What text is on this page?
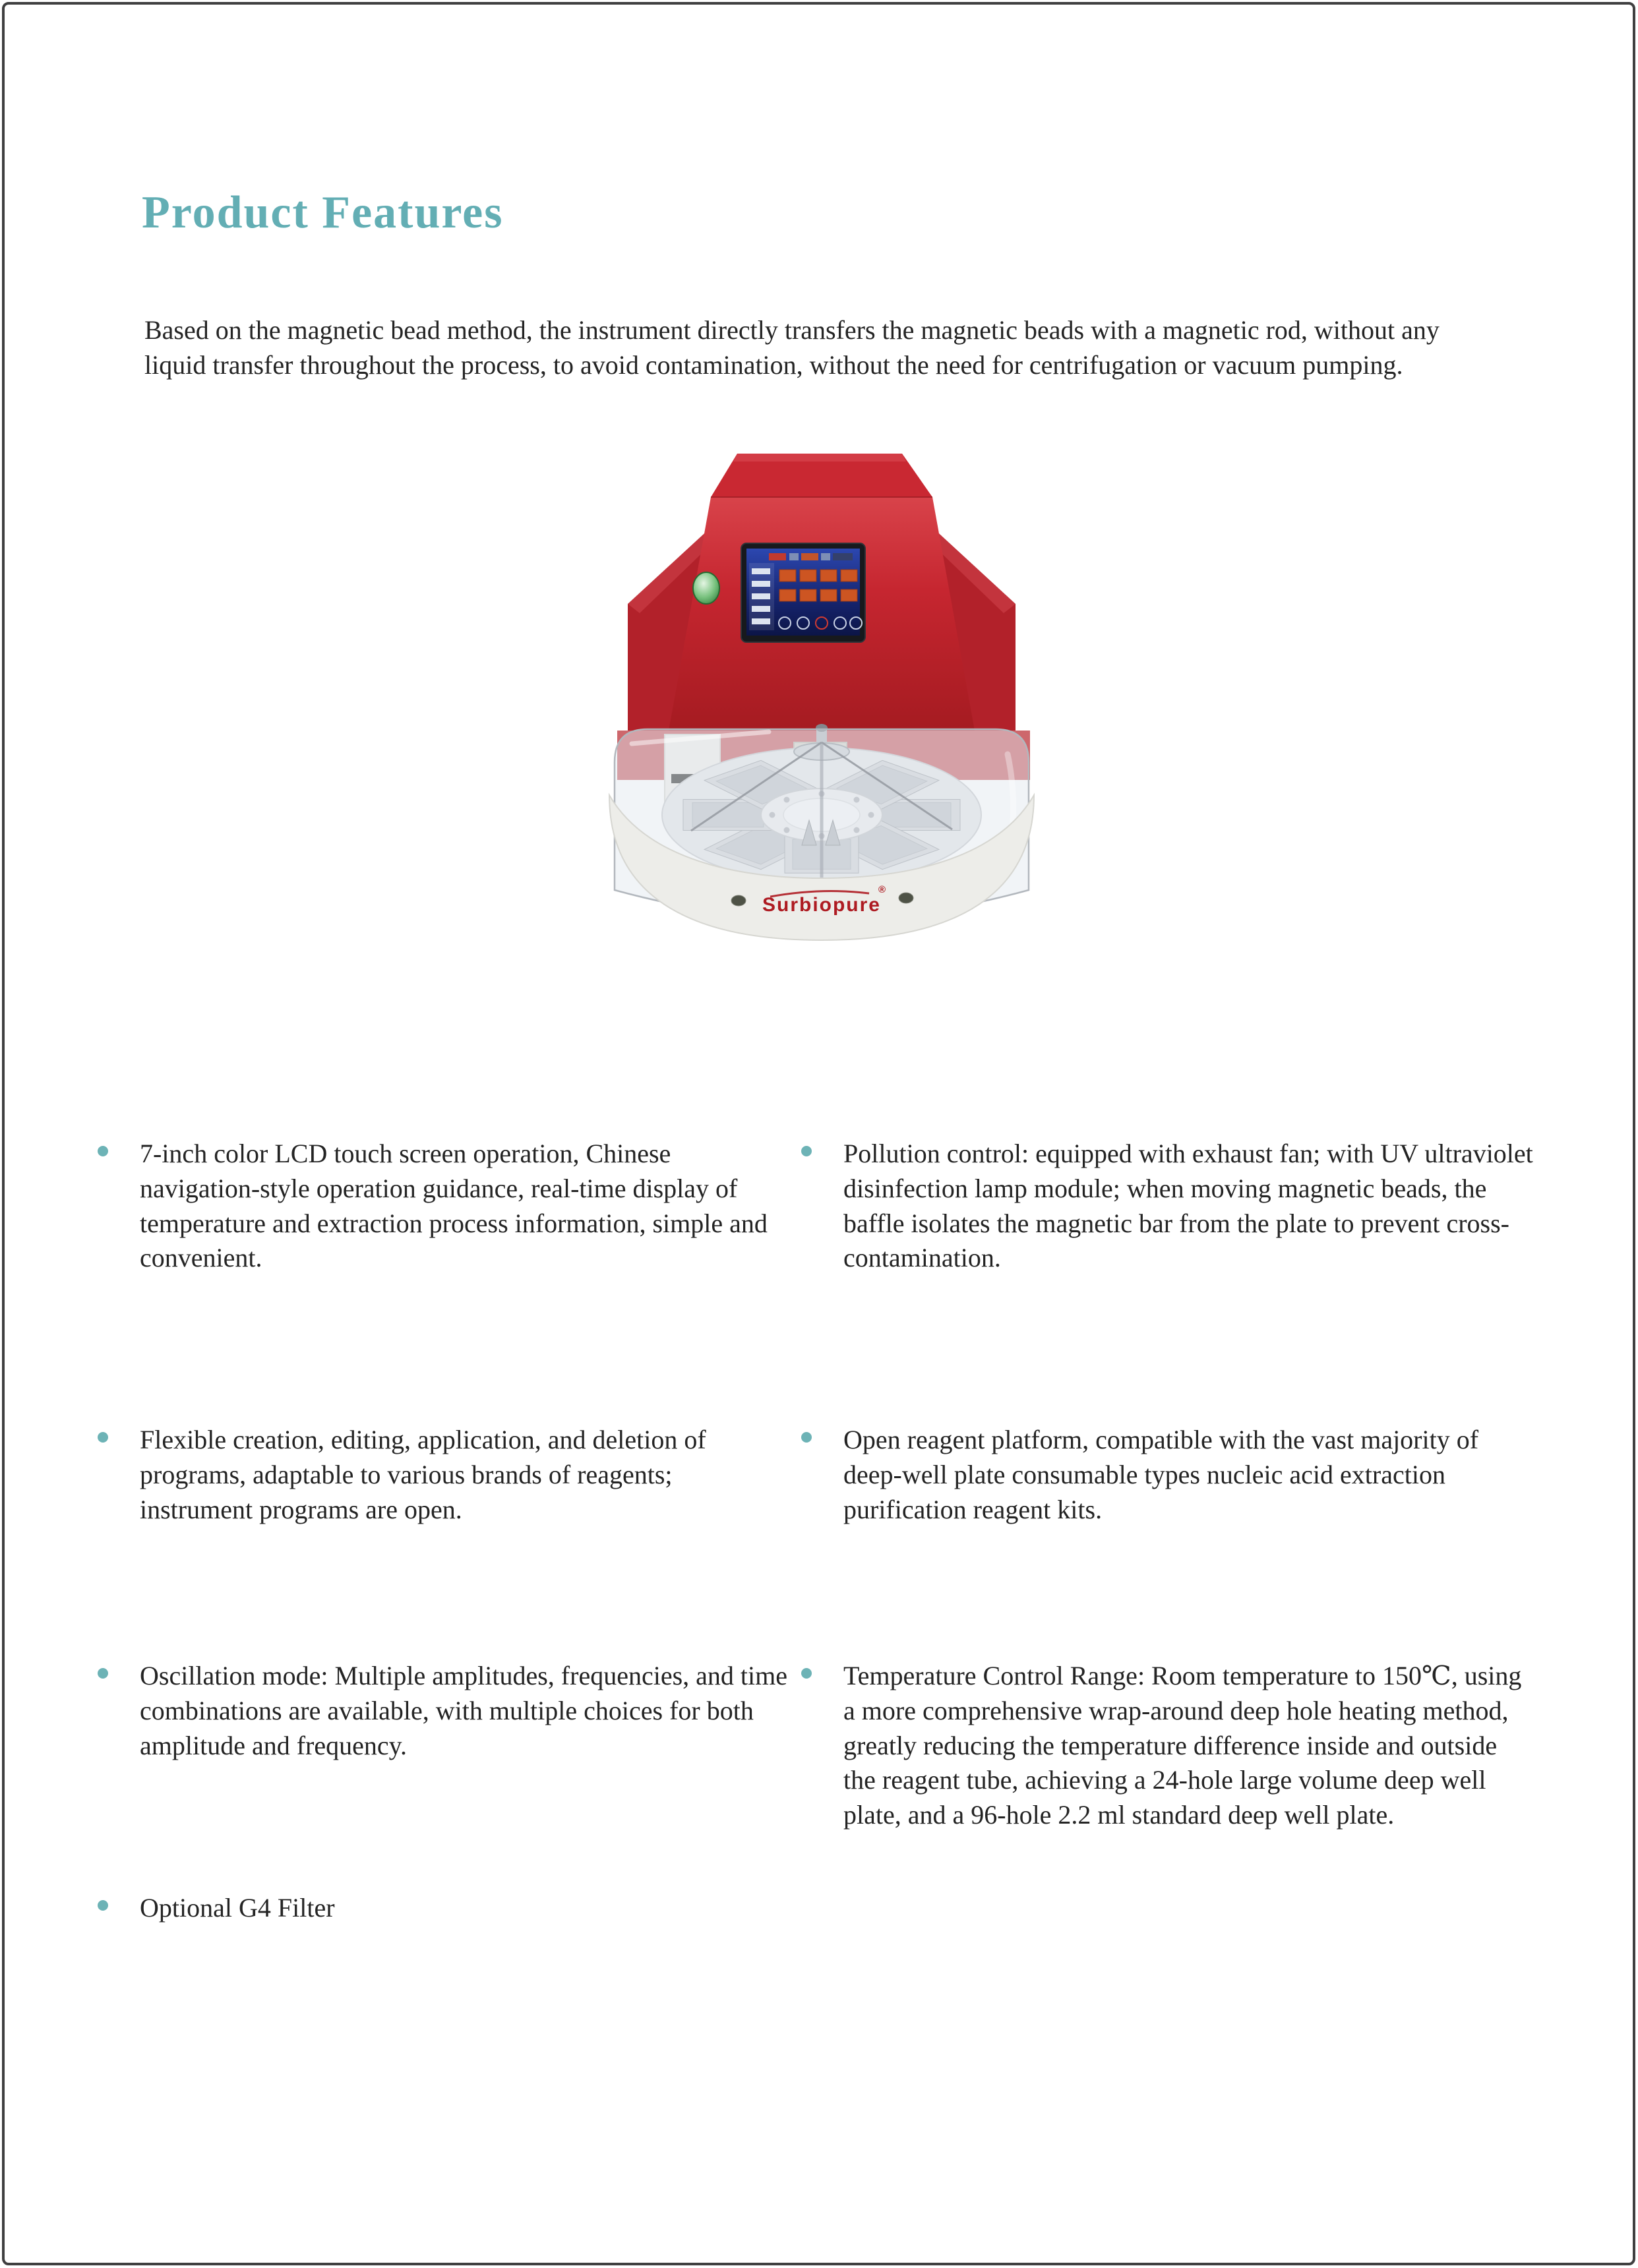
Product Features

Based on the magnetic bead method, the instrument directly transfers the magnetic beads with a magnetic rod, without any liquid transfer throughout the process, to avoid contamination, without the need for centrifugation or vacuum pumping.

Surbiopure
®

7-inch color LCD touch screen operation, Chinese navigation-style operation guidance, real-time display of temperature and extraction process information, simple and convenient.

Flexible creation, editing, application, and deletion of programs, adaptable to various brands of reagents; instrument programs are open.

Oscillation mode: Multiple amplitudes, frequencies, and time combinations are available, with multiple choices for both amplitude and frequency.

Optional G4 Filter

Pollution control: equipped with exhaust fan; with UV ultraviolet disinfection lamp module; when moving magnetic beads, the baffle isolates the magnetic bar from the plate to prevent cross-contamination.

Open reagent platform, compatible with the vast majority of deep-well plate consumable types nucleic acid extraction purification reagent kits.

Temperature Control Range: Room temperature to 150℃, using a more comprehensive wrap-around deep hole heating method, greatly reducing the temperature difference inside and outside the reagent tube, achieving a 24-hole large volume deep well plate, and a 96-hole 2.2 ml standard deep well plate.
